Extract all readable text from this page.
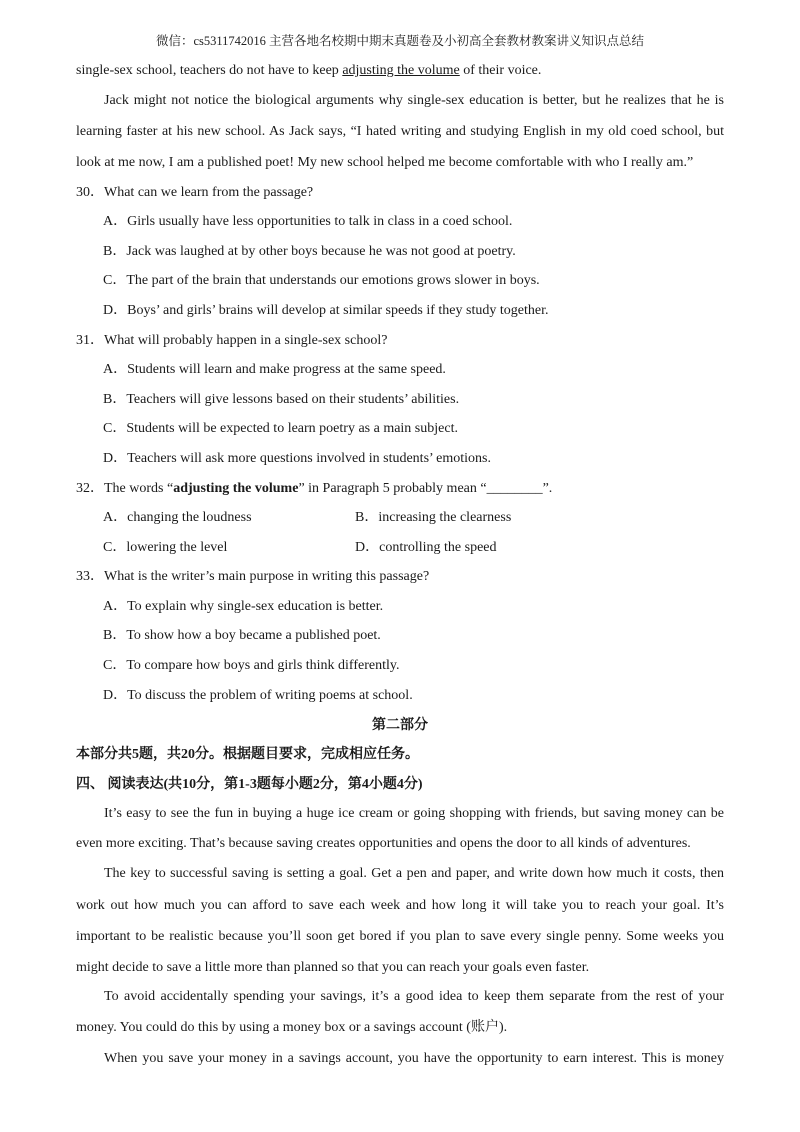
微信：cs5311742016 主营各地名校期中期末真题卷及小初高全套教材教案讲义知识点总结
single-sex school, teachers do not have to keep adjusting the volume of their voice.
Jack might not notice the biological arguments why single-sex education is better, but he realizes that he is
learning faster at his new school. As Jack says, “I hated writing and studying English in my old coed school, but
look at me now, I am a published poet! My new school helped me become comfortable with who I really am.”
30．What can we learn from the passage?
A．Girls usually have less opportunities to talk in class in a coed school.
B．Jack was laughed at by other boys because he was not good at poetry.
C．The part of the brain that understands our emotions grows slower in boys.
D．Boys’ and girls’ brains will develop at similar speeds if they study together.
31．What will probably happen in a single-sex school?
A．Students will learn and make progress at the same speed.
B．Teachers will give lessons based on their students’ abilities.
C．Students will be expected to learn poetry as a main subject.
D．Teachers will ask more questions involved in students’ emotions.
32．The words “adjusting the volume” in Paragraph 5 probably mean “________”.
A．changing the loudness	B．increasing the clearness
C．lowering the level	D．controlling the speed
33．What is the writer’s main purpose in writing this passage?
A．To explain why single-sex education is better.
B．To show how a boy became a published poet.
C．To compare how boys and girls think differently.
D．To discuss the problem of writing poems at school.
第二部分
本部分共5题，共20分。根据题目要求，完成相应任务。
四、 阅读表达(共10分，第1-3题每小题2分，第4小题4分)
It’s easy to see the fun in buying a huge ice cream or going shopping with friends, but saving money can be
even more exciting. That’s because saving creates opportunities and opens the door to all kinds of adventures.
The key to successful saving is setting a goal. Get a pen and paper, and write down how much it costs, then
work out how much you can afford to save each week and how long it will take you to reach your goal. It’s
important to be realistic because you’ll soon get bored if you plan to save every single penny. Some weeks you
might decide to save a little more than planned so that you can reach your goals even faster.
To avoid accidentally spending your savings, it’s a good idea to keep them separate from the rest of your
money. You could do this by using a money box or a savings account (账户).
When you save your money in a savings account, you have the opportunity to earn interest. This is money
